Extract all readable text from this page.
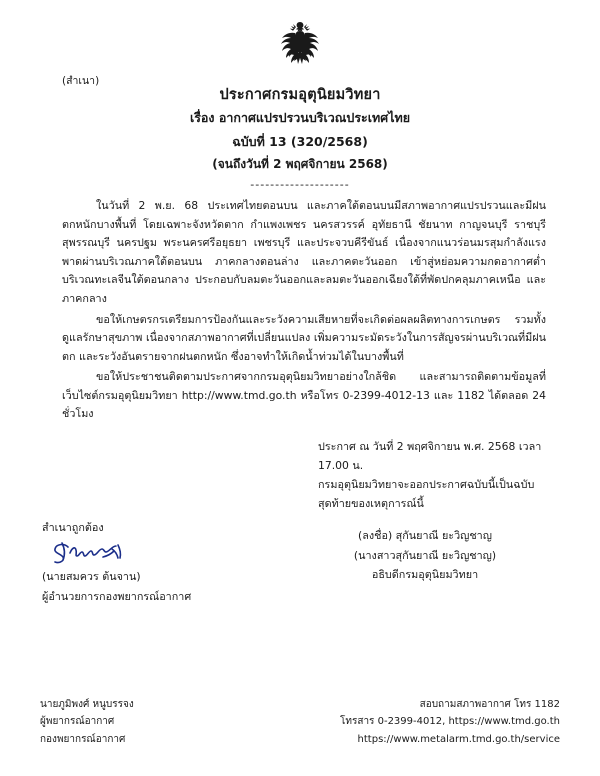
(สำเนา)
ประกาศกรมอุตุนิยมวิทยา
เรื่อง อากาศแปรปรวนบริเวณประเทศไทย
ฉบับที่ 13 (320/2568)
(จนถึงวันที่ 2 พฤศจิกายน 2568)
--------------------

ในวันที่ 2 พ.ย. 68 ประเทศไทยตอนบน และภาคใต้ตอนบนมีสภาพอากาศแปรปรวนและมีฝนตกหนักบางพื้นที่ โดยเฉพาะจังหวัดตาก กำแพงเพชร นครสวรรค์ อุทัยธานี ชัยนาท กาญจนบุรี ราชบุรี สุพรรณบุรี นครปฐม พระนครศรีอยุธยา เพชรบุรี และประจวบคีรีขันธ์ เนื่องจากแนวร่อนมรสุมกำลังแรงพาดผ่านบริเวณภาคใต้ตอนบน ภาคกลางตอนล่าง และภาคตะวันออก เข้าสู่หย่อมความกดอากาศต่ำบริเวณทะเลจีนใต้ตอนกลาง ประกอบกับลมตะวันออกและลมตะวันออกเฉียงใต้ที่พัดปกคลุมภาคเหนือ และภาคกลาง

ขอให้เกษตรกรเตรียมการป้องกันและระวังความเสียหายที่จะเกิดต่อผลผลิตทางการเกษตร รวมทั้งดูแลรักษาสุขภาพ เนื่องจากสภาพอากาศที่เปลี่ยนแปลง เพิ่มความระมัดระวังในการสัญจรผ่านบริเวณที่มีฝนตก และระวังอันตรายจากฝนตกหนัก ซึ่งอาจทำให้เกิดน้ำท่วมได้ในบางพื้นที่

ขอให้ประชาชนติดตามประกาศจากกรมอุตุนิยมวิทยาอย่างใกล้ชิด และสามารถติดตามข้อมูลที่เว็บไซต์กรมอุตุนิยมวิทยา http://www.tmd.go.th หรือโทร 0-2399-4012-13 และ 1182 ได้ตลอด 24 ชั่วโมง

ประกาศ ณ วันที่ 2 พฤศจิกายน พ.ศ. 2568 เวลา 17.00 น.
กรมอุตุนิยมวิทยาจะออกประกาศฉบับนี้เป็นฉบับสุดท้ายของเหตุการณ์นี้
(ลงชื่อ) สุกันยาณี ยะวิญชาญ
(นางสาวสุกันยาณี ยะวิญชาญ)
อธิบดีกรมอุตุนิยมวิทยา
สำเนาถูกต้อง
(นายสมควร ต้นจาน)
ผู้อำนวยการกองพยากรณ์อากาศ
นายภูมิพงศ์ หนูบรรจง
ผู้พยากรณ์อากาศ
กองพยากรณ์อากาศ
สอบถามสภาพอากาศ โทร 1182
โทรสาร 0-2399-4012, https://www.tmd.go.th
https://www.metalarm.tmd.go.th/service
